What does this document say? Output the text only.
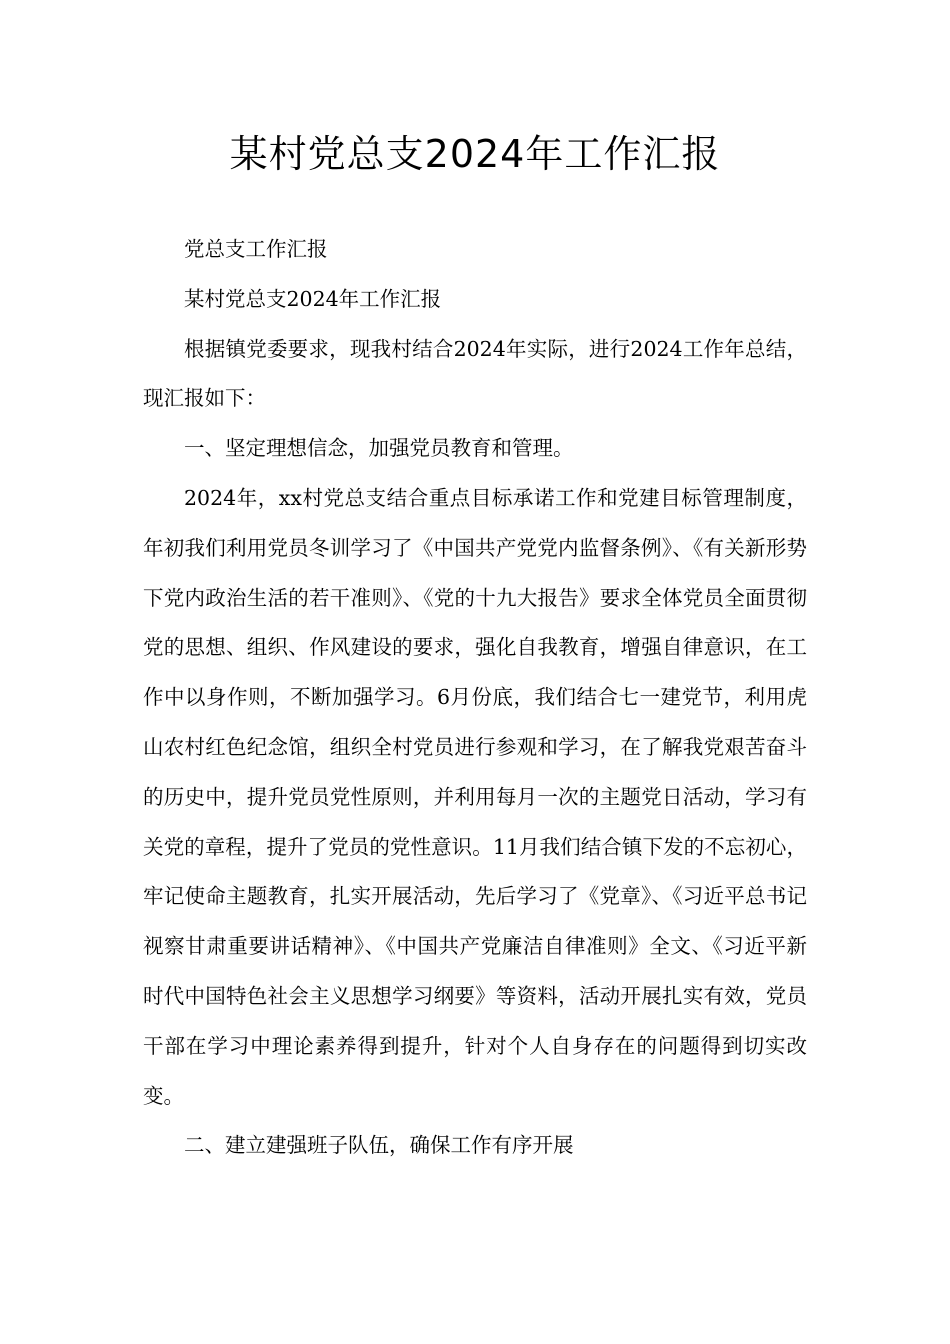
某村党总支2024年工作汇报

党总支工作汇报

某村党总支2024年工作汇报

根据镇党委要求，现我村结合2024年实际，进行2024工作年总结，现汇报如下：

一、坚定理想信念，加强党员教育和管理。

2024年，xx村党总支结合重点目标承诺工作和党建目标管理制度，年初我们利用党员冬训学习了《中国共产党党内监督条例》、《有关新形势下党内政治生活的若干准则》、《党的十九大报告》要求全体党员全面贯彻党的思想、组织、作风建设的要求，强化自我教育，增强自律意识，在工作中以身作则，不断加强学习。6月份底，我们结合七一建党节，利用虎山农村红色纪念馆，组织全村党员进行参观和学习，在了解我党艰苦奋斗的历史中，提升党员党性原则，并利用每月一次的主题党日活动，学习有关党的章程，提升了党员的党性意识。11月我们结合镇下发的不忘初心，牢记使命主题教育，扎实开展活动，先后学习了《党章》、《习近平总书记视察甘肃重要讲话精神》、《中国共产党廉洁自律准则》全文、《习近平新时代中国特色社会主义思想学习纲要》等资料，活动开展扎实有效，党员干部在学习中理论素养得到提升，针对个人自身存在的问题得到切实改变。

二、建立建强班子队伍，确保工作有序开展
